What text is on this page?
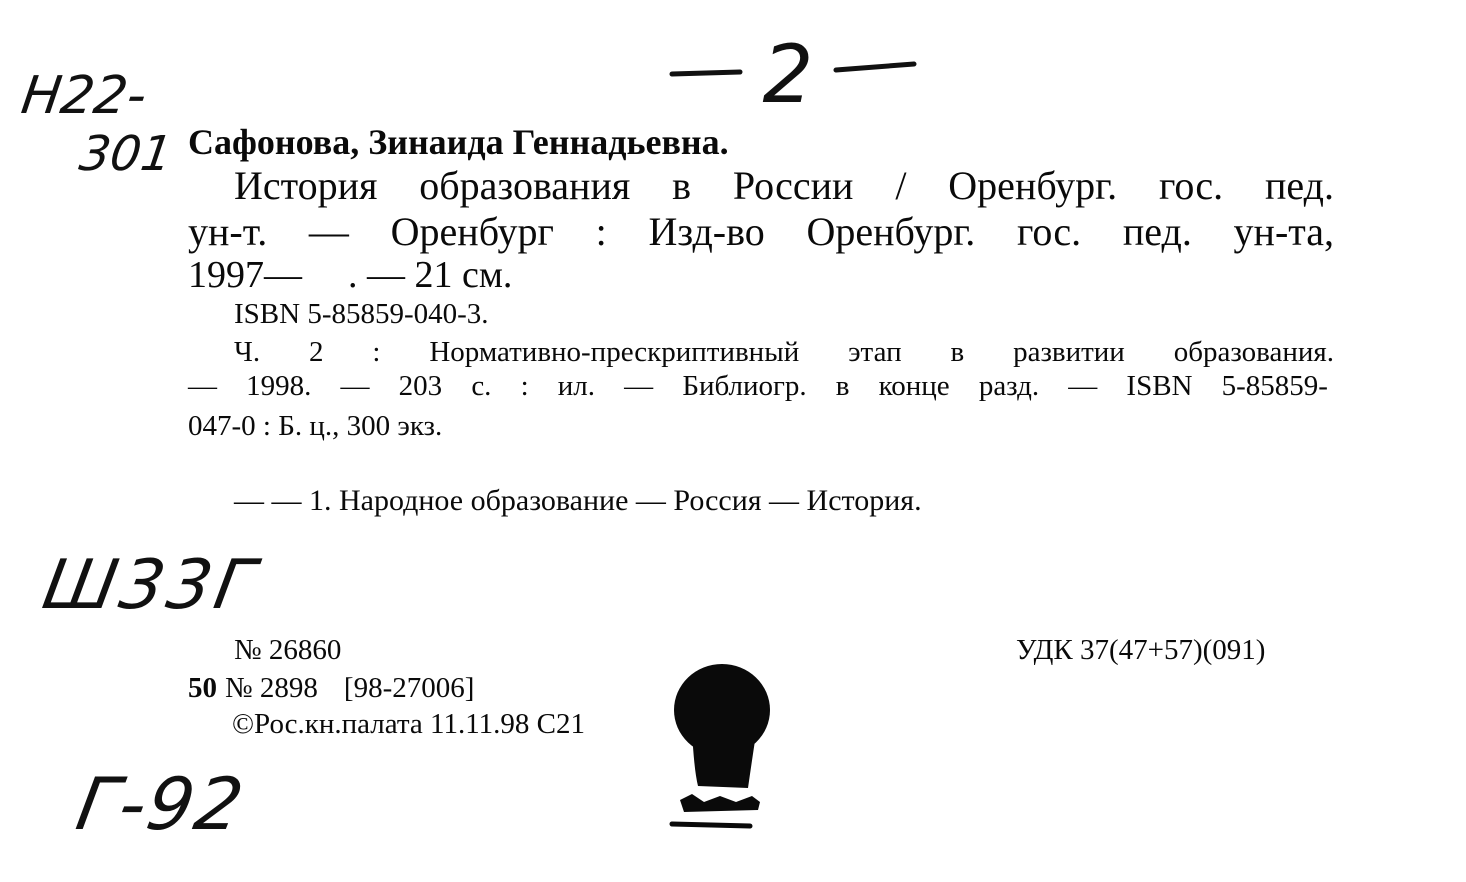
Н22-
301
2
Сафонова, Зинаида Геннадьевна.
История образования в России / Оренбург. гос. пед.
ун-т. — Оренбург : Изд-во Оренбург. гос. пед. ун-та,
1997— . — 21 см.
ISBN 5-85859-040-3.
Ч. 2 : Нормативно-прескриптивный этап в развитии образования.
— 1998. — 203 с. : ил. — Библиогр. в конце разд. — ISBN 5-85859-
047-0 : Б. ц., 300 экз.
— — 1. Народное образование — Россия — История.
Ш33Г
№ 26860	УДК 37(47+57)(091)
50 № 2898 [98-27006]
©Рос.кн.палата 11.11.98 С21
Г-92
